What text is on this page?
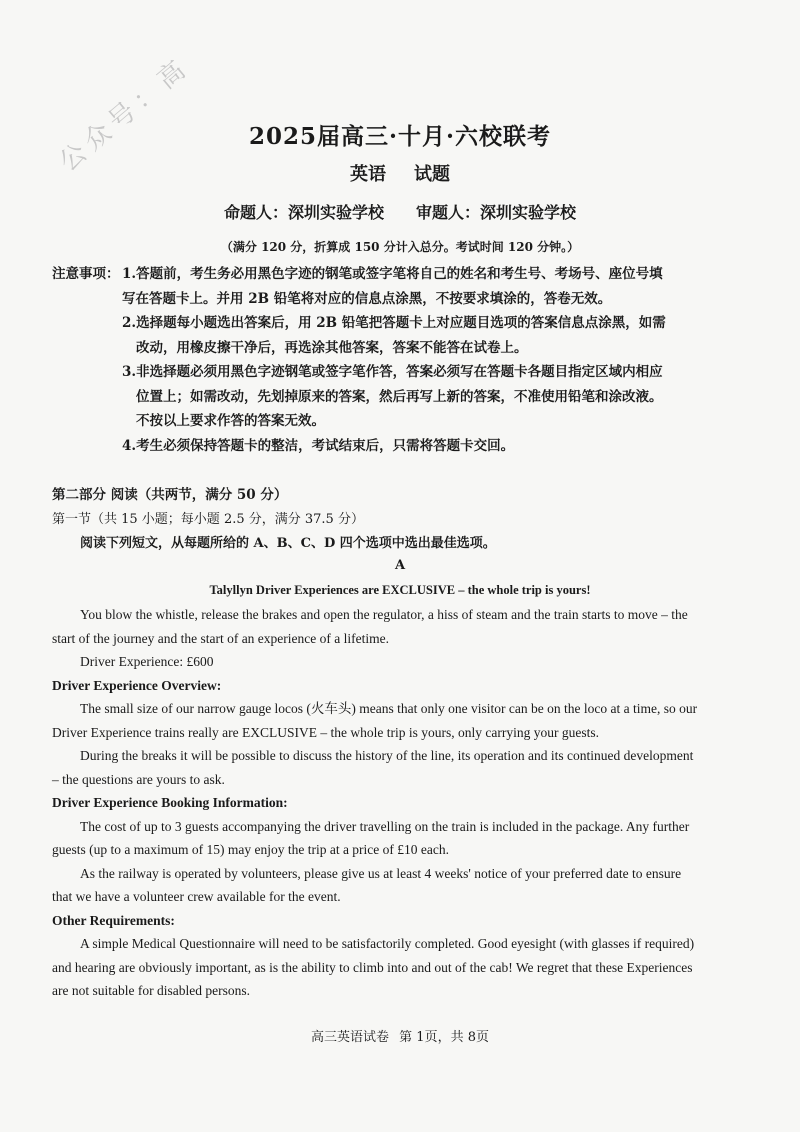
公众号：高	2025届高三·十月·六校联考
英语 试题
命题人：深圳实验学校 审题人：深圳实验学校
（满分 120 分，折算成 150 分计入总分。考试时间 120 分钟。）
注意事项： 1.答题前，考生务必用黑色字迹的钢笔或签字笔将自己的姓名和考生号、考场号、座位号填
写在答题卡上。并用 2B 铅笔将对应的信息点涂黑，不按要求填涂的，答卷无效。
2.选择题每小题选出答案后，用 2B 铅笔把答题卡上对应题目选项的答案信息点涂黑，如需
改动，用橡皮擦干净后，再选涂其他答案，答案不能答在试卷上。
3.非选择题必须用黑色字迹钢笔或签字笔作答，答案必须写在答题卡各题目指定区域内相应
位置上；如需改动，先划掉原来的答案，然后再写上新的答案，不准使用铅笔和涂改液。
不按以上要求作答的答案无效。
4.考生必须保持答题卡的整洁，考试结束后，只需将答题卡交回。
第二部分 阅读（共两节，满分 50 分）
第一节（共 15 小题；每小题 2.5 分，满分 37.5 分）
阅读下列短文，从每题所给的 A、B、C、D 四个选项中选出最佳选项。
A
Talyllyn Driver Experiences are EXCLUSIVE – the whole trip is yours!

You blow the whistle, release the brakes and open the regulator, a hiss of steam and the train starts to move – the start of the journey and the start of an experience of a lifetime.

Driver Experience: £600

Driver Experience Overview:

The small size of our narrow gauge locos (火车头) means that only one visitor can be on the loco at a time, so our Driver Experience trains really are EXCLUSIVE – the whole trip is yours, only carrying your guests.

During the breaks it will be possible to discuss the history of the line, its operation and its continued development – the questions are yours to ask.

Driver Experience Booking Information:

The cost of up to 3 guests accompanying the driver travelling on the train is included in the package. Any further guests (up to a maximum of 15) may enjoy the trip at a price of £10 each.

As the railway is operated by volunteers, please give us at least 4 weeks' notice of your preferred date to ensure that we have a volunteer crew available for the event.

Other Requirements:

A simple Medical Questionnaire will need to be satisfactorily completed. Good eyesight (with glasses if required) and hearing are obviously important, as is the ability to climb into and out of the cab! We regret that these Experiences are not suitable for disabled persons.

高三英语试卷 第 1页，共 8页
